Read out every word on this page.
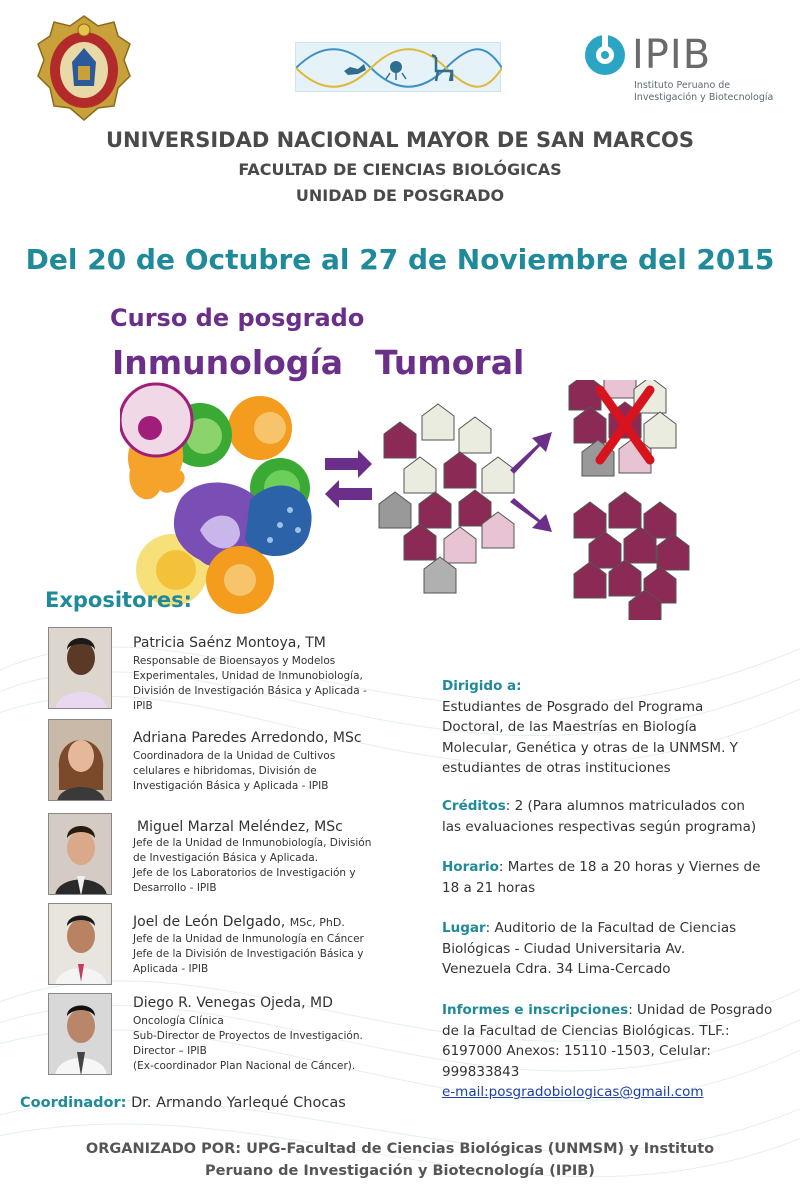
IPIB
Instituto Peruano de
Investigación y Biotecnología
UNIVERSIDAD NACIONAL MAYOR DE SAN MARCOS
FACULTAD DE CIENCIAS BIOLÓGICAS
UNIDAD DE POSGRADO
Del 20 de Octubre al 27 de Noviembre del 2015
Curso de posgrado
Inmunología Tumoral
Expositores:
Patricia Saénz Montoya, TM
Responsable de Bioensayos y Modelos
Experimentales, Unidad de Inmunobiología,
División de Investigación Básica y Aplicada -
IPIB
Adriana Paredes Arredondo, MSc
Coordinadora de la Unidad de Cultivos
celulares e hibridomas, División de
Investigación Básica y Aplicada - IPIB
Miguel Marzal Meléndez, MSc
Jefe de la Unidad de Inmunobiología, División
de Investigación Básica y Aplicada.
Jefe de los Laboratorios de Investigación y
Desarrollo - IPIB
Joel de León Delgado, MSc, PhD.
Jefe de la Unidad de Inmunología en Cáncer
Jefe de la División de Investigación Básica y
Aplicada - IPIB
Diego R. Venegas Ojeda, MD
Oncología Clínica
Sub-Director de Proyectos de Investigación.
Director – IPIB
(Ex-coordinador Plan Nacional de Cáncer).
Coordinador: Dr. Armando Yarlequé Chocas
Dirigido a:
Estudiantes de Posgrado del Programa
Doctoral, de las Maestrías en Biología
Molecular, Genética y otras de la UNMSM. Y
estudiantes de otras instituciones
Créditos: 2 (Para alumnos matriculados con
las evaluaciones respectivas según programa)
Horario: Martes de 18 a 20 horas y Viernes de
18 a 21 horas
Lugar: Auditorio de la Facultad de Ciencias
Biológicas - Ciudad Universitaria Av.
Venezuela Cdra. 34 Lima-Cercado
Informes e inscripciones: Unidad de Posgrado
de la Facultad de Ciencias Biológicas. TLF.:
6197000 Anexos: 15110 -1503, Celular:
999833843
e-mail:posgradobiologicas@gmail.com
ORGANIZADO POR: UPG-Facultad de Ciencias Biológicas (UNMSM) y Instituto
Peruano de Investigación y Biotecnología (IPIB)
